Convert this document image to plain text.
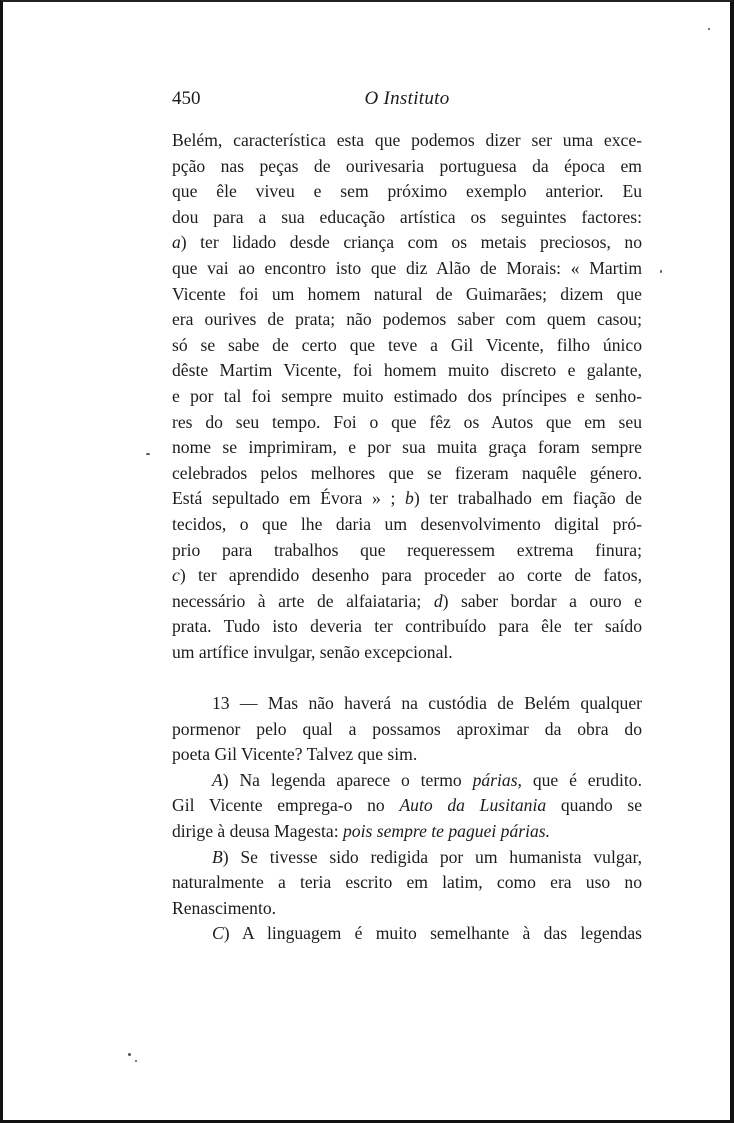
450	O Instituto
Belém, característica esta que podemos dizer ser uma exce-
pção nas peças de ourivesaria portuguesa da época em
que êle viveu e sem próximo exemplo anterior. Eu
dou para a sua educação artística os seguintes factores:
a) ter lidado desde criança com os metais preciosos, no
que vai ao encontro isto que diz Alão de Morais: « Martim
Vicente foi um homem natural de Guimarães; dizem que
era ourives de prata; não podemos saber com quem casou;
só se sabe de certo que teve a Gil Vicente, filho único
dêste Martim Vicente, foi homem muito discreto e galante,
e por tal foi sempre muito estimado dos príncipes e senho-
res do seu tempo. Foi o que fêz os Autos que em seu
nome se imprimiram, e por sua muita graça foram sempre
celebrados pelos melhores que se fizeram naquêle género.
Está sepultado em Évora » ; b) ter trabalhado em fiação de
tecidos, o que lhe daria um desenvolvimento digital pró-
prio para trabalhos que requeressem extrema finura;
c) ter aprendido desenho para proceder ao corte de fatos,
necessário à arte de alfaiataria; d) saber bordar a ouro e
prata. Tudo isto deveria ter contribuído para êle ter saído
um artífice invulgar, senão excepcional.
13 — Mas não haverá na custódia de Belém qualquer
pormenor pelo qual a possamos aproximar da obra do
poeta Gil Vicente? Talvez que sim.
A) Na legenda aparece o termo párias, que é erudito.
Gil Vicente emprega-o no Auto da Lusitania quando se
dirige à deusa Magesta: pois sempre te paguei párias.
B) Se tivesse sido redigida por um humanista vulgar,
naturalmente a teria escrito em latim, como era uso no
Renascimento.
C) A linguagem é muito semelhante à das legendas
